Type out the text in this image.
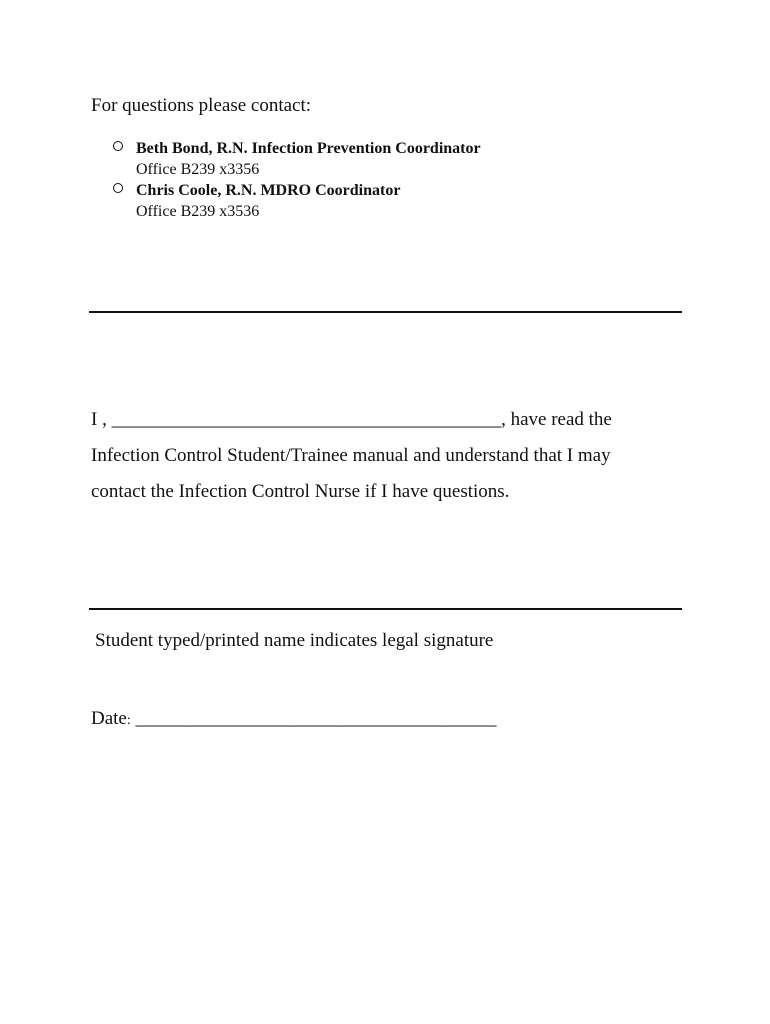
For questions please contact:
Beth Bond, R.N. Infection Prevention Coordinator
Office B239 x3356
Chris Coole, R.N. MDRO Coordinator
Office B239 x3536
I , _________________________________________, have read the
Infection Control Student/Trainee manual and understand that I may
contact the Infection Control Nurse if I have questions.
Student typed/printed name indicates legal signature
Date: ______________________________________
